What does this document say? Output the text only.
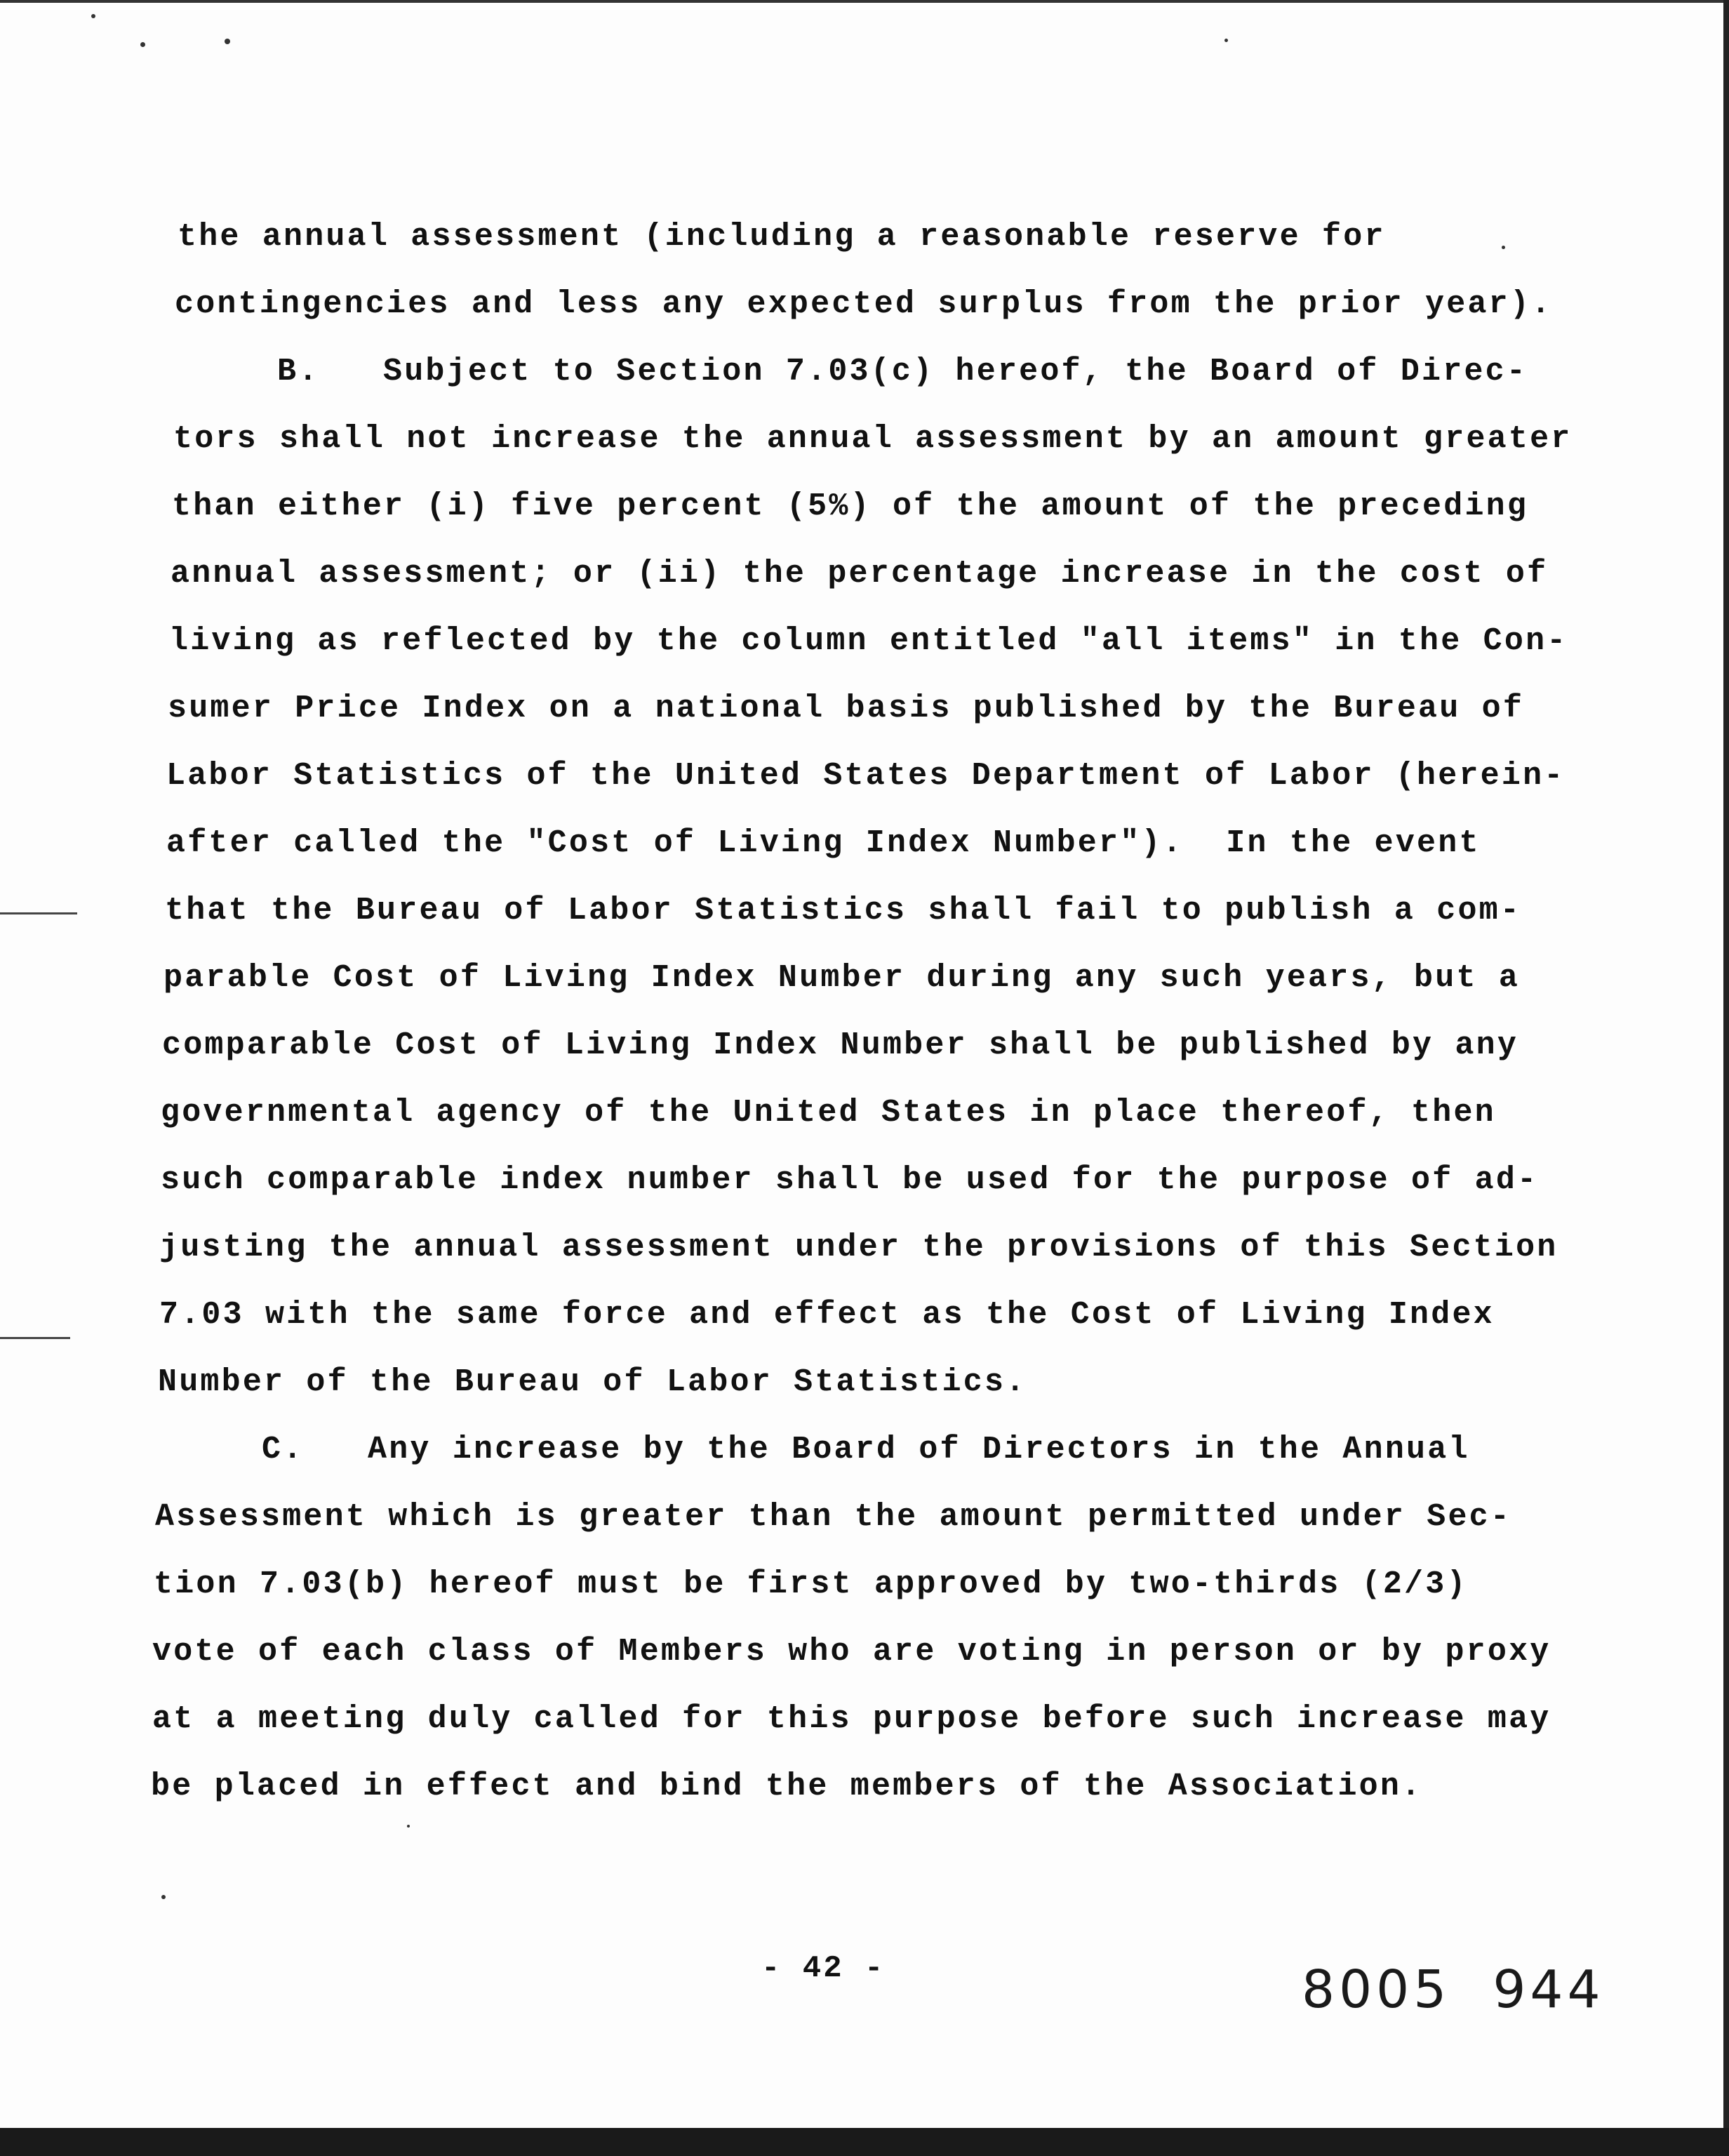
the annual assessment (including a reasonable reserve for
contingencies and less any expected surplus from the prior year).
B.   Subject to Section 7.03(c) hereof, the Board of Direc-
tors shall not increase the annual assessment by an amount greater
than either (i) five percent (5%) of the amount of the preceding
annual assessment; or (ii) the percentage increase in the cost of
living as reflected by the column entitled "all items" in the Con-
sumer Price Index on a national basis published by the Bureau of
Labor Statistics of the United States Department of Labor (herein-
after called the "Cost of Living Index Number").  In the event
that the Bureau of Labor Statistics shall fail to publish a com-
parable Cost of Living Index Number during any such years, but a
comparable Cost of Living Index Number shall be published by any
governmental agency of the United States in place thereof, then
such comparable index number shall be used for the purpose of ad-
justing the annual assessment under the provisions of this Section
7.03 with the same force and effect as the Cost of Living Index
Number of the Bureau of Labor Statistics.
C.   Any increase by the Board of Directors in the Annual
Assessment which is greater than the amount permitted under Sec-
tion 7.03(b) hereof must be first approved by two-thirds (2/3)
vote of each class of Members who are voting in person or by proxy
at a meeting duly called for this purpose before such increase may
be placed in effect and bind the members of the Association.
- 42 -	8005 944
